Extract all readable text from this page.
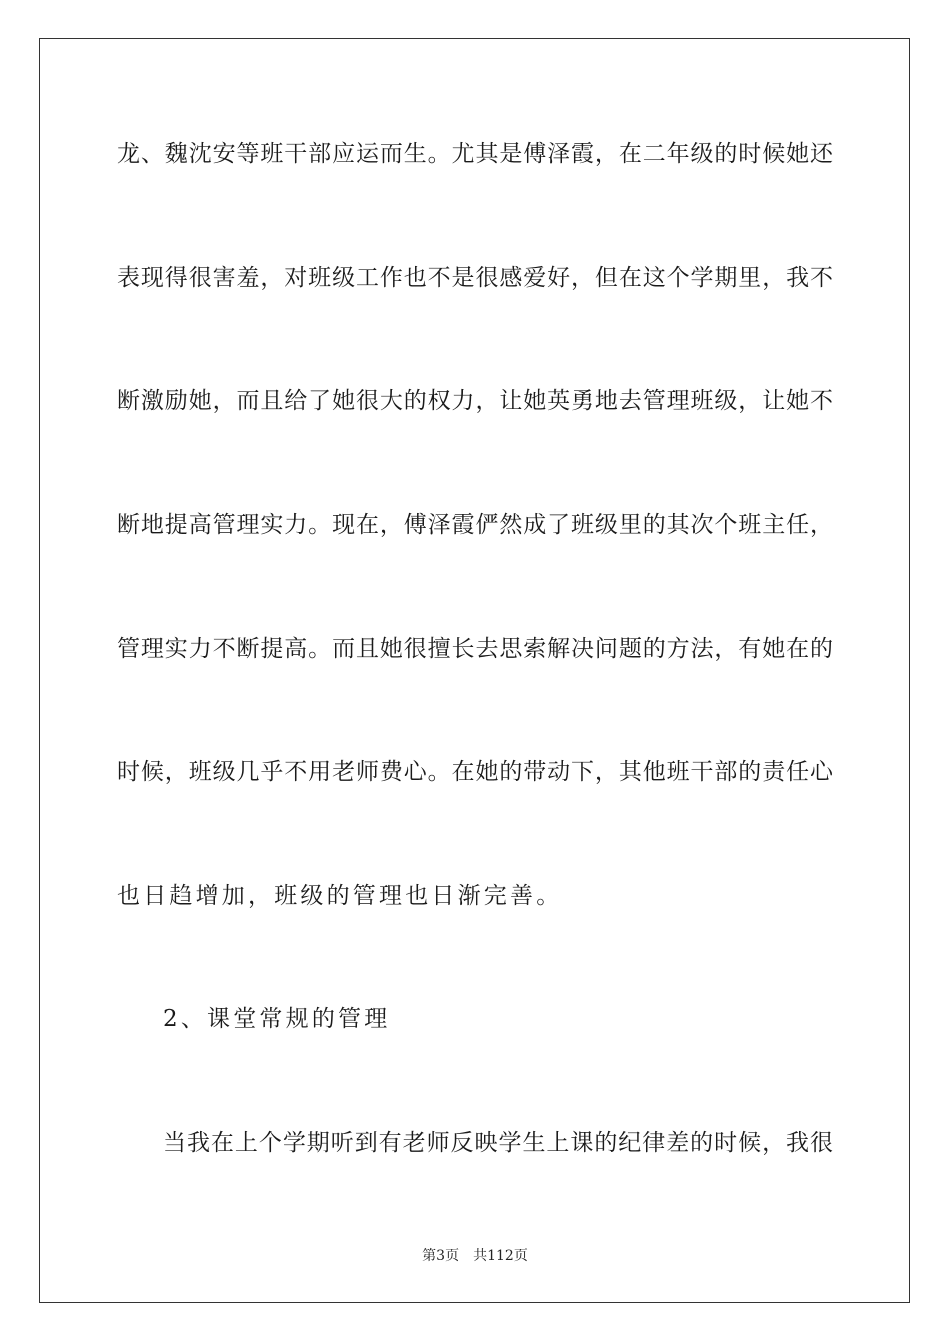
龙、魏沈安等班干部应运而生。尤其是傅泽霞，在二年级的时候她还
表现得很害羞，对班级工作也不是很感爱好，但在这个学期里，我不
断激励她，而且给了她很大的权力，让她英勇地去管理班级，让她不
断地提高管理实力。现在，傅泽霞俨然成了班级里的其次个班主任，
管理实力不断提高。而且她很擅长去思索解决问题的方法，有她在的
时候，班级几乎不用老师费心。在她的带动下，其他班干部的责任心
也日趋增加，班级的管理也日渐完善。
2、课堂常规的管理
当我在上个学期听到有老师反映学生上课的纪律差的时候，我很
第3页 共112页
